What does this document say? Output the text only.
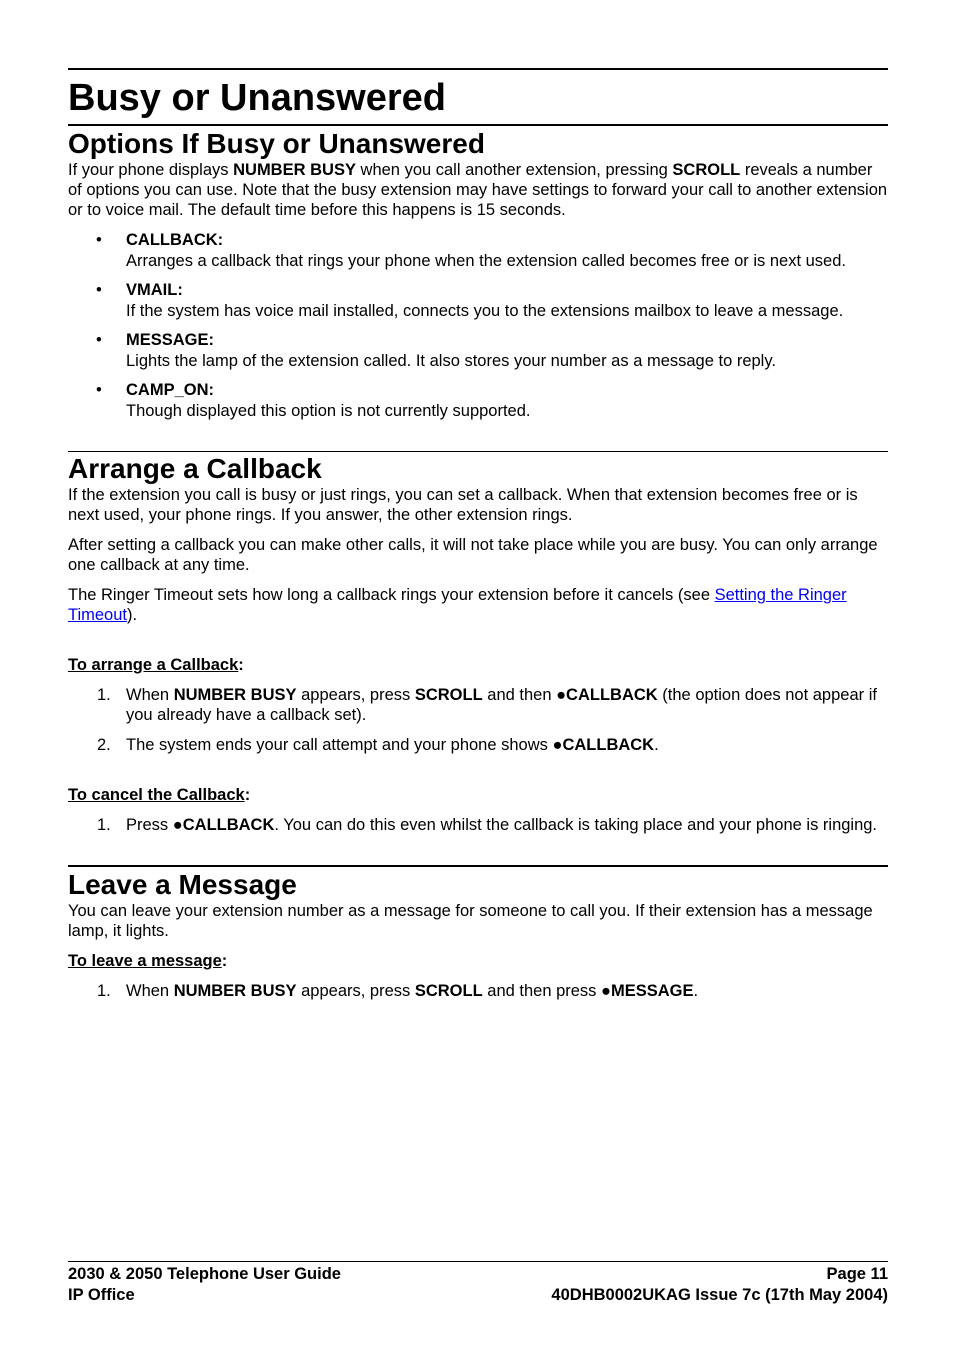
Busy or Unanswered
Options If Busy or Unanswered

If your phone displays NUMBER BUSY when you call another extension, pressing SCROLL reveals a number of options you can use. Note that the busy extension may have settings to forward your call to another extension or to voice mail. The default time before this happens is 15 seconds.

• CALLBACK:
Arranges a callback that rings your phone when the extension called becomes free or is next used.
• VMAIL:
If the system has voice mail installed, connects you to the extensions mailbox to leave a message.
• MESSAGE:
Lights the lamp of the extension called. It also stores your number as a message to reply.
• CAMP_ON:
Though displayed this option is not currently supported.
Arrange a Callback

If the extension you call is busy or just rings, you can set a callback. When that extension becomes free or is next used, your phone rings. If you answer, the other extension rings.

After setting a callback you can make other calls, it will not take place while you are busy. You can only arrange one callback at any time.

The Ringer Timeout sets how long a callback rings your extension before it cancels (see Setting the Ringer Timeout).

To arrange a Callback:
1. When NUMBER BUSY appears, press SCROLL and then ●CALLBACK (the option does not appear if you already have a callback set).
2. The system ends your call attempt and your phone shows ●CALLBACK.
To cancel the Callback:
1. Press ●CALLBACK. You can do this even whilst the callback is taking place and your phone is ringing.
Leave a Message

You can leave your extension number as a message for someone to call you. If their extension has a message lamp, it lights.

To leave a message:
1. When NUMBER BUSY appears, press SCROLL and then press ●MESSAGE.
2030 & 2050 Telephone User Guide	Page 11
IP Office	40DHB0002UKAG Issue 7c (17th May 2004)
